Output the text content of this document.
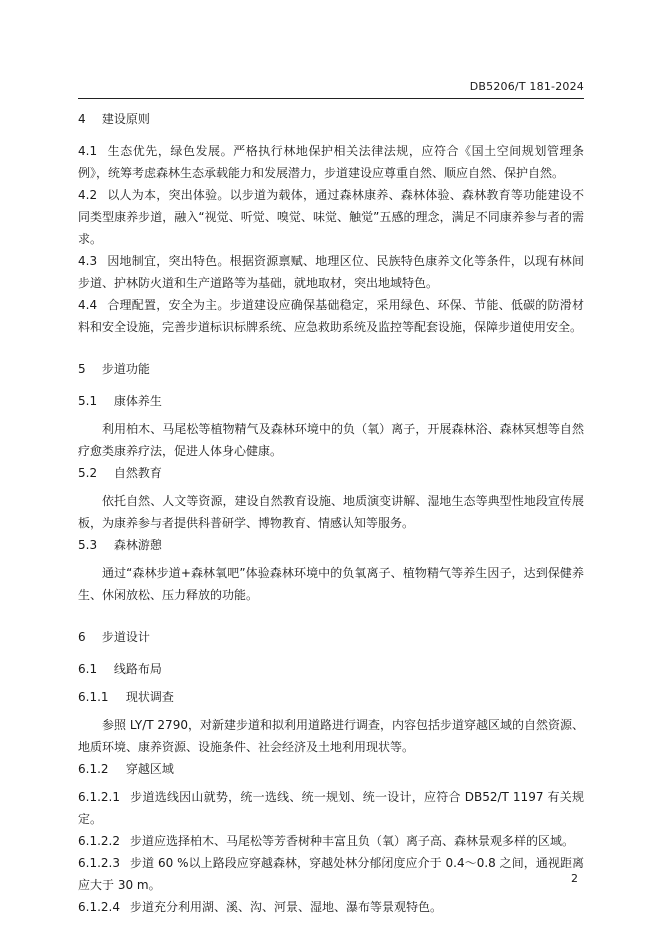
DB5206/T 181-2024
4 建设原则

4.1 生态优先，绿色发展。严格执行林地保护相关法律法规，应符合《国土空间规划管理条例》，统筹考虑森林生态承载能力和发展潜力，步道建设应尊重自然、顺应自然、保护自然。

4.2 以人为本，突出体验。以步道为载体，通过森林康养、森林体验、森林教育等功能建设不同类型康养步道，融入“视觉、听觉、嗅觉、味觉、触觉”五感的理念，满足不同康养参与者的需求。

4.3 因地制宜，突出特色。根据资源禀赋、地理区位、民族特色康养文化等条件，以现有林间步道、护林防火道和生产道路等为基础，就地取材，突出地域特色。

4.4 合理配置，安全为主。步道建设应确保基础稳定，采用绿色、环保、节能、低碳的防滑材料和安全设施，完善步道标识标牌系统、应急救助系统及监控等配套设施，保障步道使用安全。

5 步道功能
5.1 康体养生

利用柏木、马尾松等植物精气及森林环境中的负（氧）离子，开展森林浴、森林冥想等自然疗愈类康养疗法，促进人体身心健康。

5.2 自然教育

依托自然、人文等资源，建设自然教育设施、地质演变讲解、湿地生态等典型性地段宣传展板，为康养参与者提供科普研学、博物教育、情感认知等服务。

5.3 森林游憩

通过“森林步道+森林氧吧”体验森林环境中的负氧离子、植物精气等养生因子，达到保健养生、休闲放松、压力释放的功能。

6 步道设计
6.1 线路布局
6.1.1 现状调查

参照 LY/T 2790，对新建步道和拟利用道路进行调查，内容包括步道穿越区域的自然资源、地质环境、康养资源、设施条件、社会经济及土地利用现状等。

6.1.2 穿越区域

6.1.2.1 步道选线因山就势，统一选线、统一规划、统一设计，应符合 DB52/T 1197 有关规定。

6.1.2.2 步道应选择柏木、马尾松等芳香树种丰富且负（氧）离子高、森林景观多样的区域。

6.1.2.3 步道 60 %以上路段应穿越森林，穿越处林分郁闭度应介于 0.4～0.8 之间，通视距离应大于 30 m。

6.1.2.4 步道充分利用湖、溪、沟、河景、湿地、瀑布等景观特色。

2
